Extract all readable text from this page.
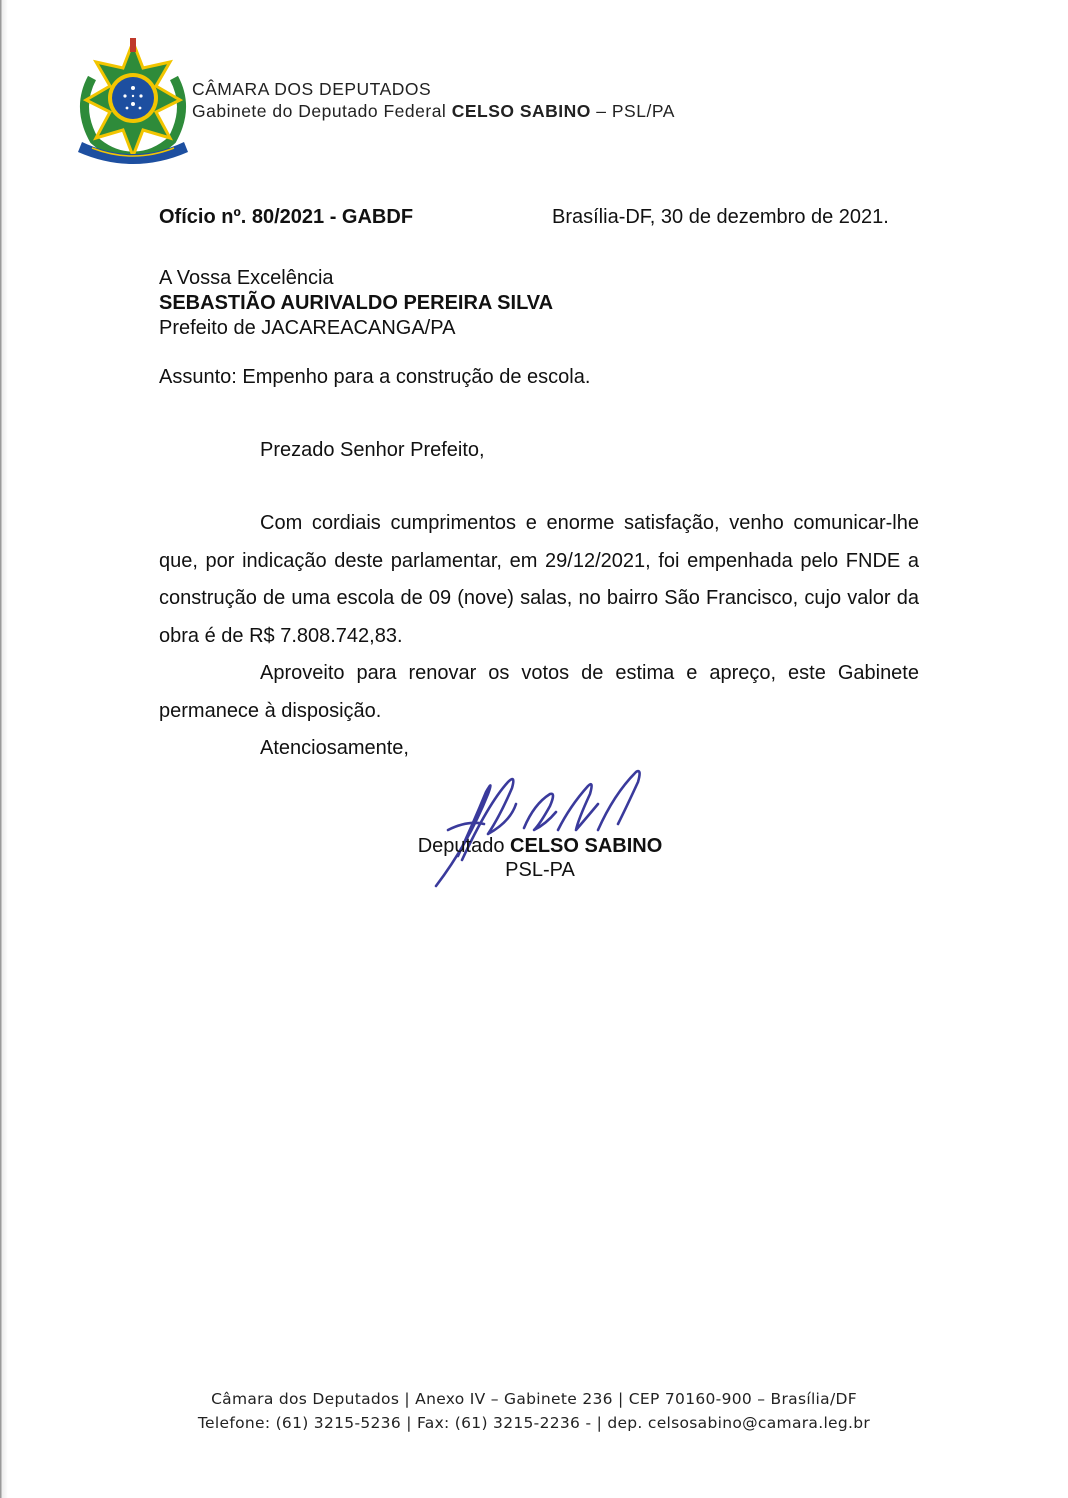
CÂMARA DOS DEPUTADOS
Gabinete do Deputado Federal CELSO SABINO – PSL/PA
Ofício nº. 80/2021 - GABDF	Brasília-DF, 30 de dezembro de 2021.
A Vossa Excelência
SEBASTIÃO AURIVALDO PEREIRA SILVA
Prefeito de JACAREACANGA/PA
Assunto: Empenho para a construção de escola.
Prezado Senhor Prefeito,

Com cordiais cumprimentos e enorme satisfação, venho comunicar-lhe que, por indicação deste parlamentar, em 29/12/2021, foi empenhada pelo FNDE a construção de uma escola de 09 (nove) salas, no bairro São Francisco, cujo valor da obra é de R$ 7.808.742,83.

Aproveito para renovar os votos de estima e apreço, este Gabinete permanece à disposição.

Atenciosamente,

Deputado CELSO SABINO
PSL-PA
Câmara dos Deputados | Anexo IV – Gabinete 236 | CEP 70160-900 – Brasília/DF
Telefone: (61) 3215-5236 | Fax: (61) 3215-2236 - | dep. celsosabino@camara.leg.br
